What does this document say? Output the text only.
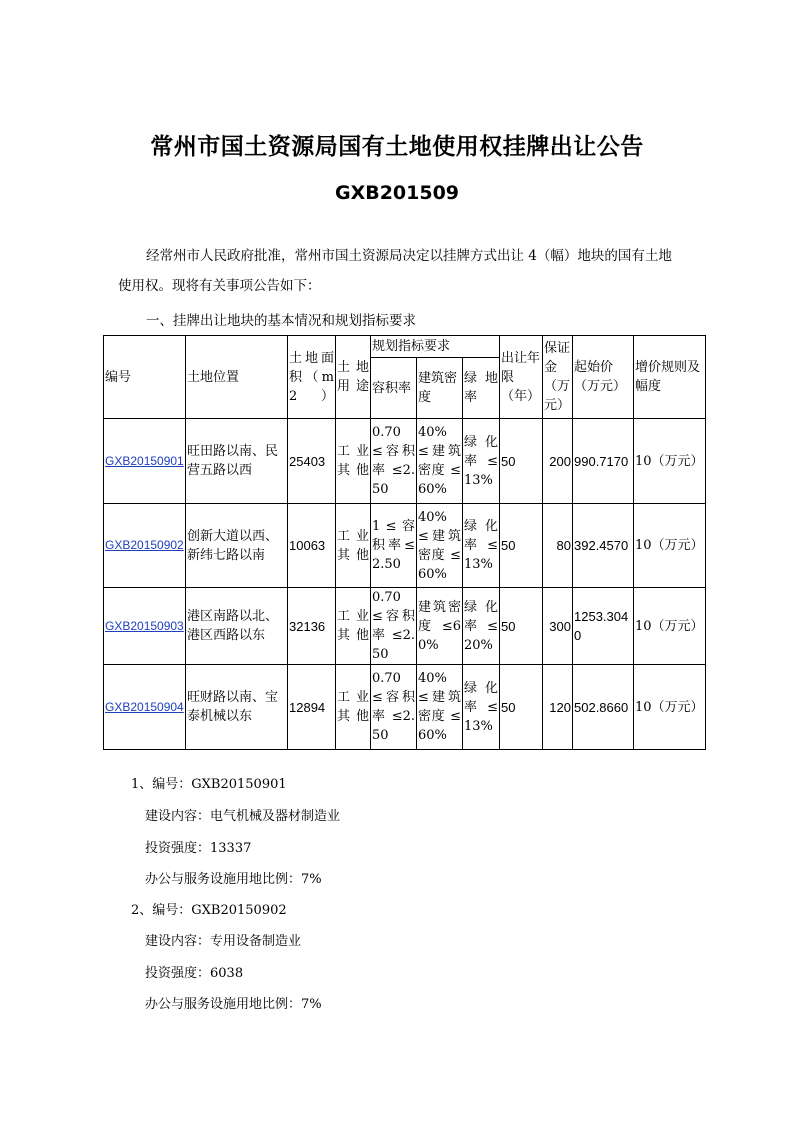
常州市国土资源局国有土地使用权挂牌出让公告
GXB201509
经常州市人民政府批准，常州市国土资源局决定以挂牌方式出让 4（幅）地块的国有土地使用权。现将有关事项公告如下：
一、挂牌出让地块的基本情况和规划指标要求
编号	土地位置	土地面积（m2）	土地用途	规划指标要求			出让年限（年）	保证金（万元）	起始价（万元）	增价规则及幅度
				容积率	建筑密度	绿地率				
GXB20150901	旺田路以南、民营五路以西	25403	工业其他	0.70 ≤容积率≤2.50	40% ≤建筑密度 ≤60%	绿 化率 ≤13%	50	200	990.7170	10（万元）
GXB20150902	创新大道以西、新纬七路以南	10063	工业其他	1 ≤ 容积率≤2.50	40% ≤建筑密度 ≤60%	绿 化率 ≤13%	50	80	392.4570	10（万元）
GXB20150903	港区南路以北、港区西路以东	32136	工业其他	0.70 ≤容积率≤2.50	建筑密度 ≤60%	绿 化率 ≤20%	50	300	1253.3040	10（万元）
GXB20150904	旺财路以南、宝泰机械以东	12894	工业其他	0.70 ≤容积率≤2.50	40% ≤建筑密度 ≤60%	绿 化率 ≤13%	50	120	502.8660	10（万元）
1、编号：GXB20150901
建设内容：电气机械及器材制造业
投资强度：13337
办公与服务设施用地比例：7%
2、编号：GXB20150902
建设内容：专用设备制造业
投资强度：6038
办公与服务设施用地比例：7%
